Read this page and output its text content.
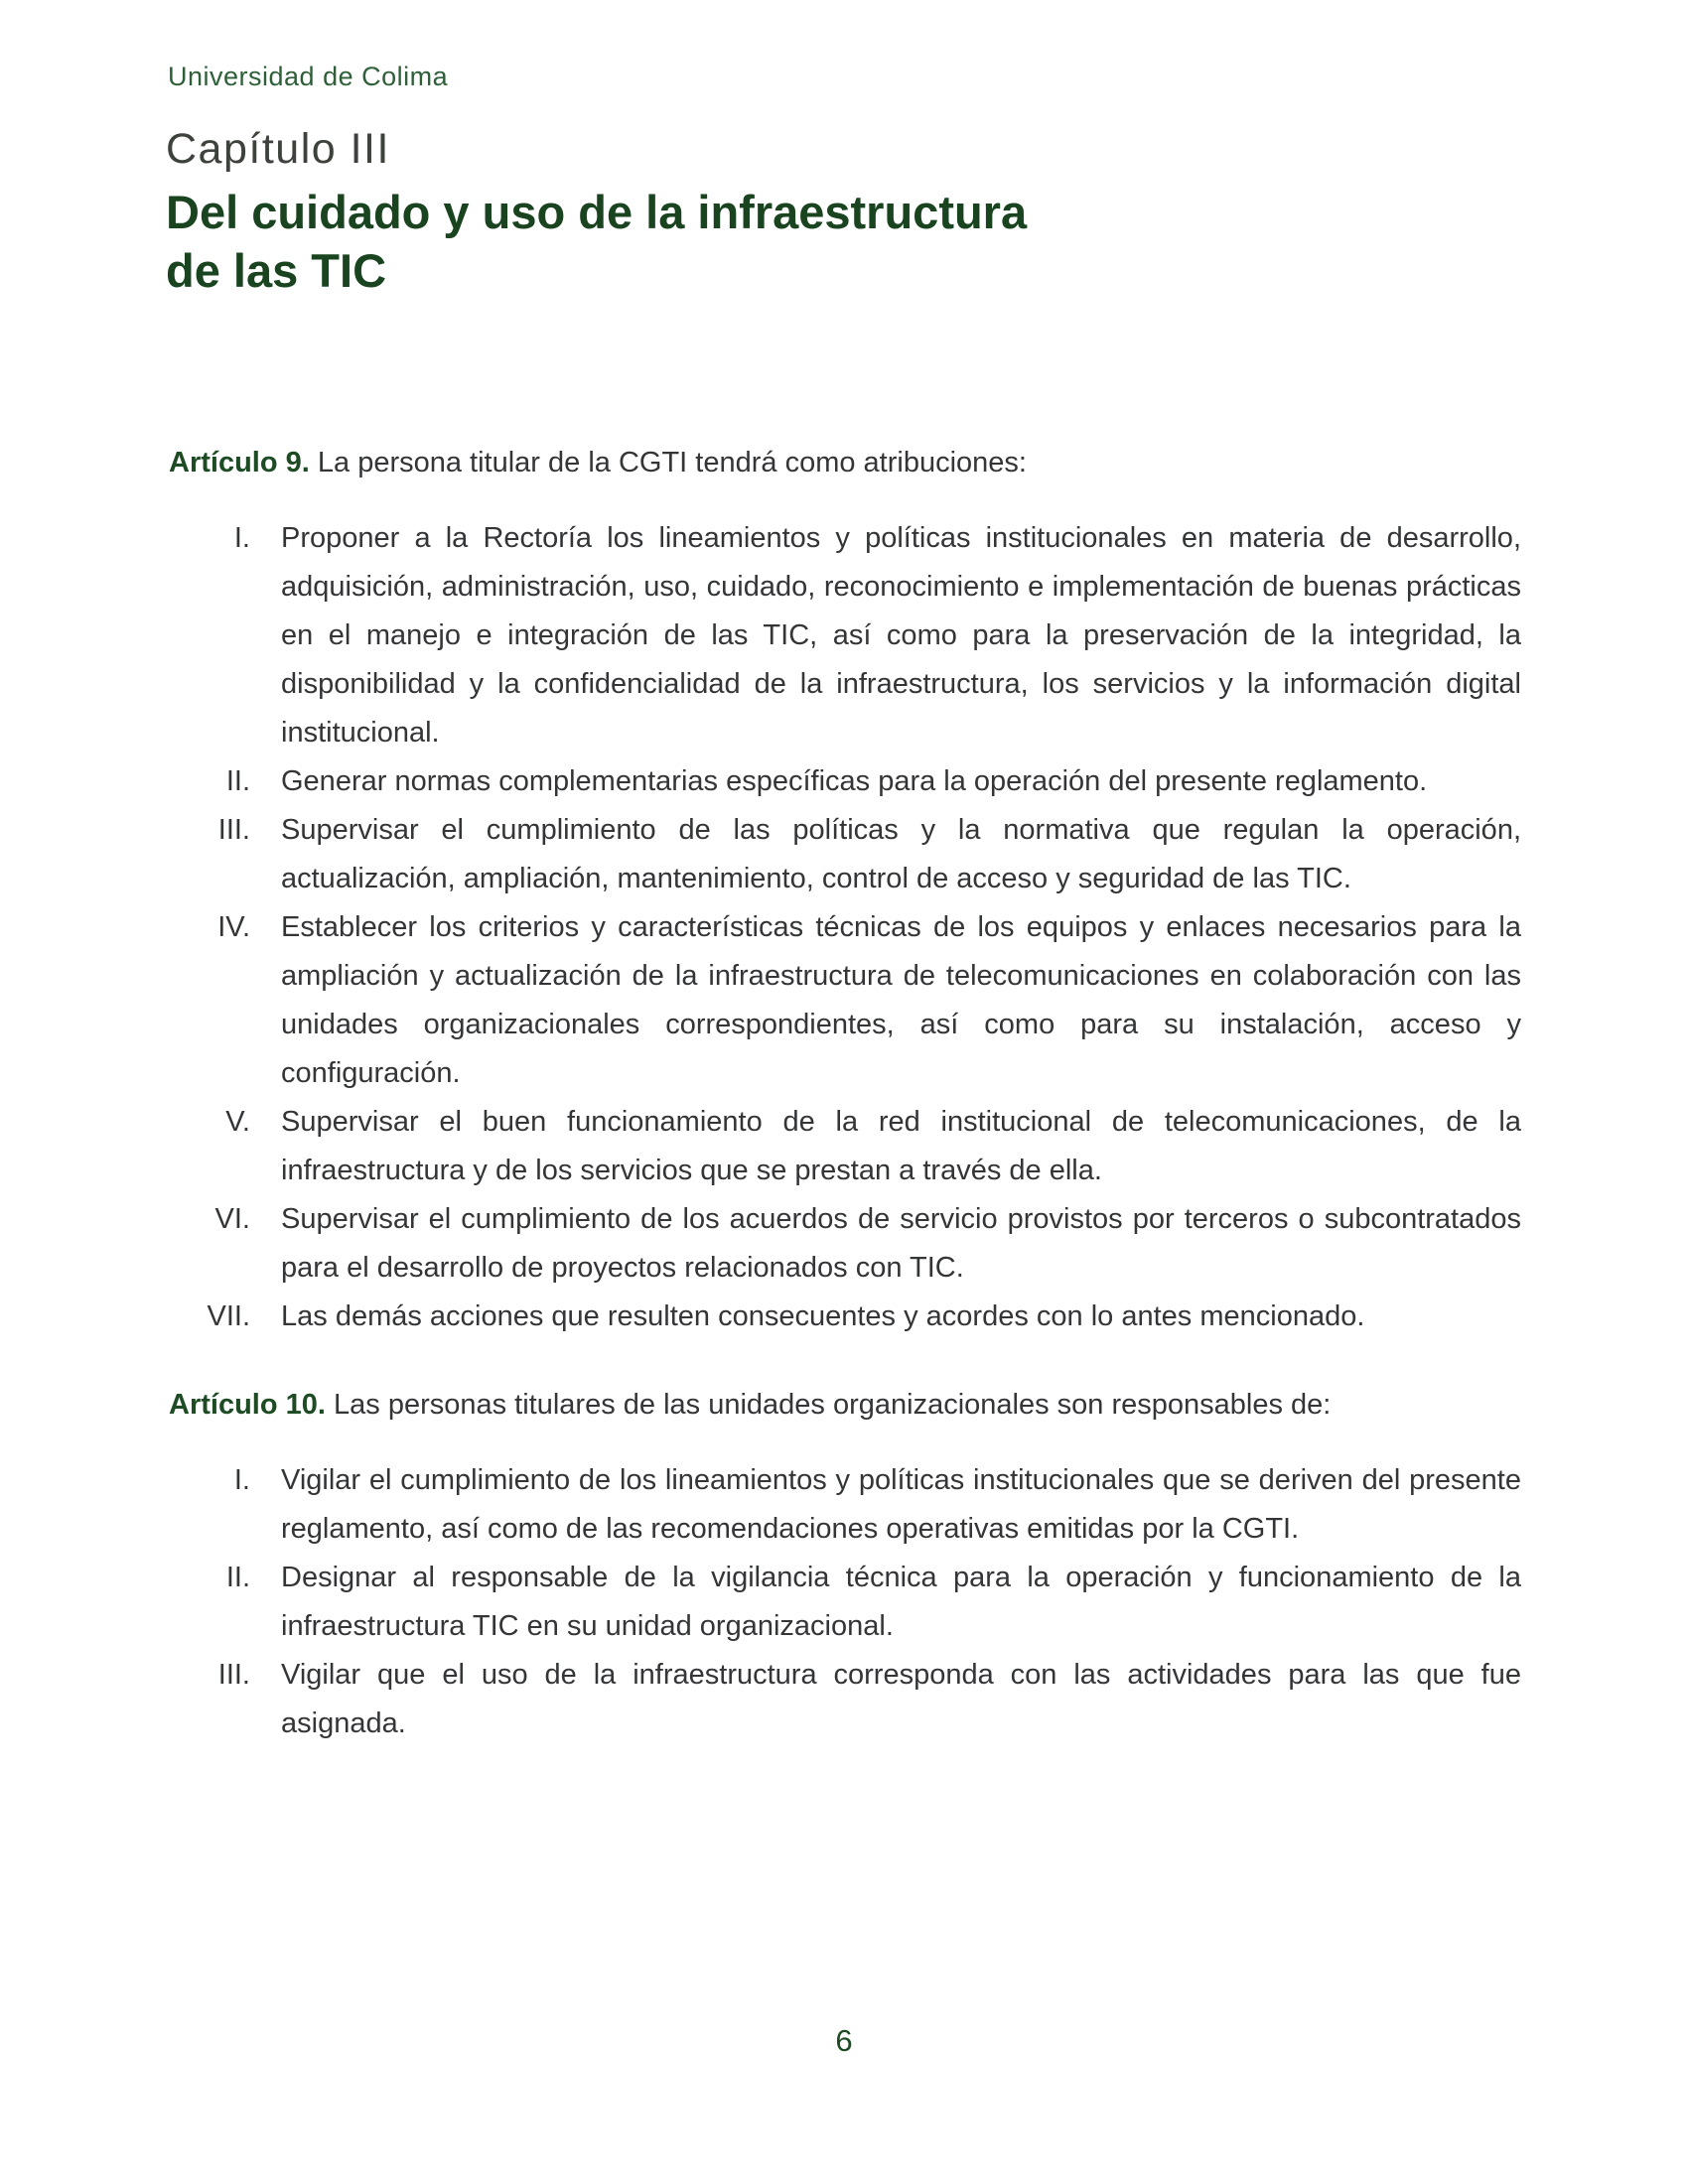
Universidad de Colima
Capítulo III
Del cuidado y uso de la infraestructura
de las TIC

Artículo 9. La persona titular de la CGTI tendrá como atribuciones:

I. Proponer a la Rectoría los lineamientos y políticas institucionales en materia de desarrollo, adquisición, administración, uso, cuidado, reconocimiento e implementación de buenas prácticas en el manejo e integración de las TIC, así como para la preservación de la integridad, la disponibilidad y la confidencialidad de la infraestructura, los servicios y la información digital institucional.
II. Generar normas complementarias específicas para la operación del presente reglamento.
III. Supervisar el cumplimiento de las políticas y la normativa que regulan la operación, actualización, ampliación, mantenimiento, control de acceso y seguridad de las TIC.
IV. Establecer los criterios y características técnicas de los equipos y enlaces necesarios para la ampliación y actualización de la infraestructura de telecomunicaciones en colaboración con las unidades organizacionales correspondientes, así como para su instalación, acceso y configuración.
V. Supervisar el buen funcionamiento de la red institucional de telecomunicaciones, de la infraestructura y de los servicios que se prestan a través de ella.
VI. Supervisar el cumplimiento de los acuerdos de servicio provistos por terceros o subcontratados para el desarrollo de proyectos relacionados con TIC.
VII. Las demás acciones que resulten consecuentes y acordes con lo antes mencionado.

Artículo 10. Las personas titulares de las unidades organizacionales son responsables de:

I. Vigilar el cumplimiento de los lineamientos y políticas institucionales que se deriven del presente reglamento, así como de las recomendaciones operativas emitidas por la CGTI.
II. Designar al responsable de la vigilancia técnica para la operación y funcionamiento de la infraestructura TIC en su unidad organizacional.
III. Vigilar que el uso de la infraestructura corresponda con las actividades para las que fue asignada.
6
